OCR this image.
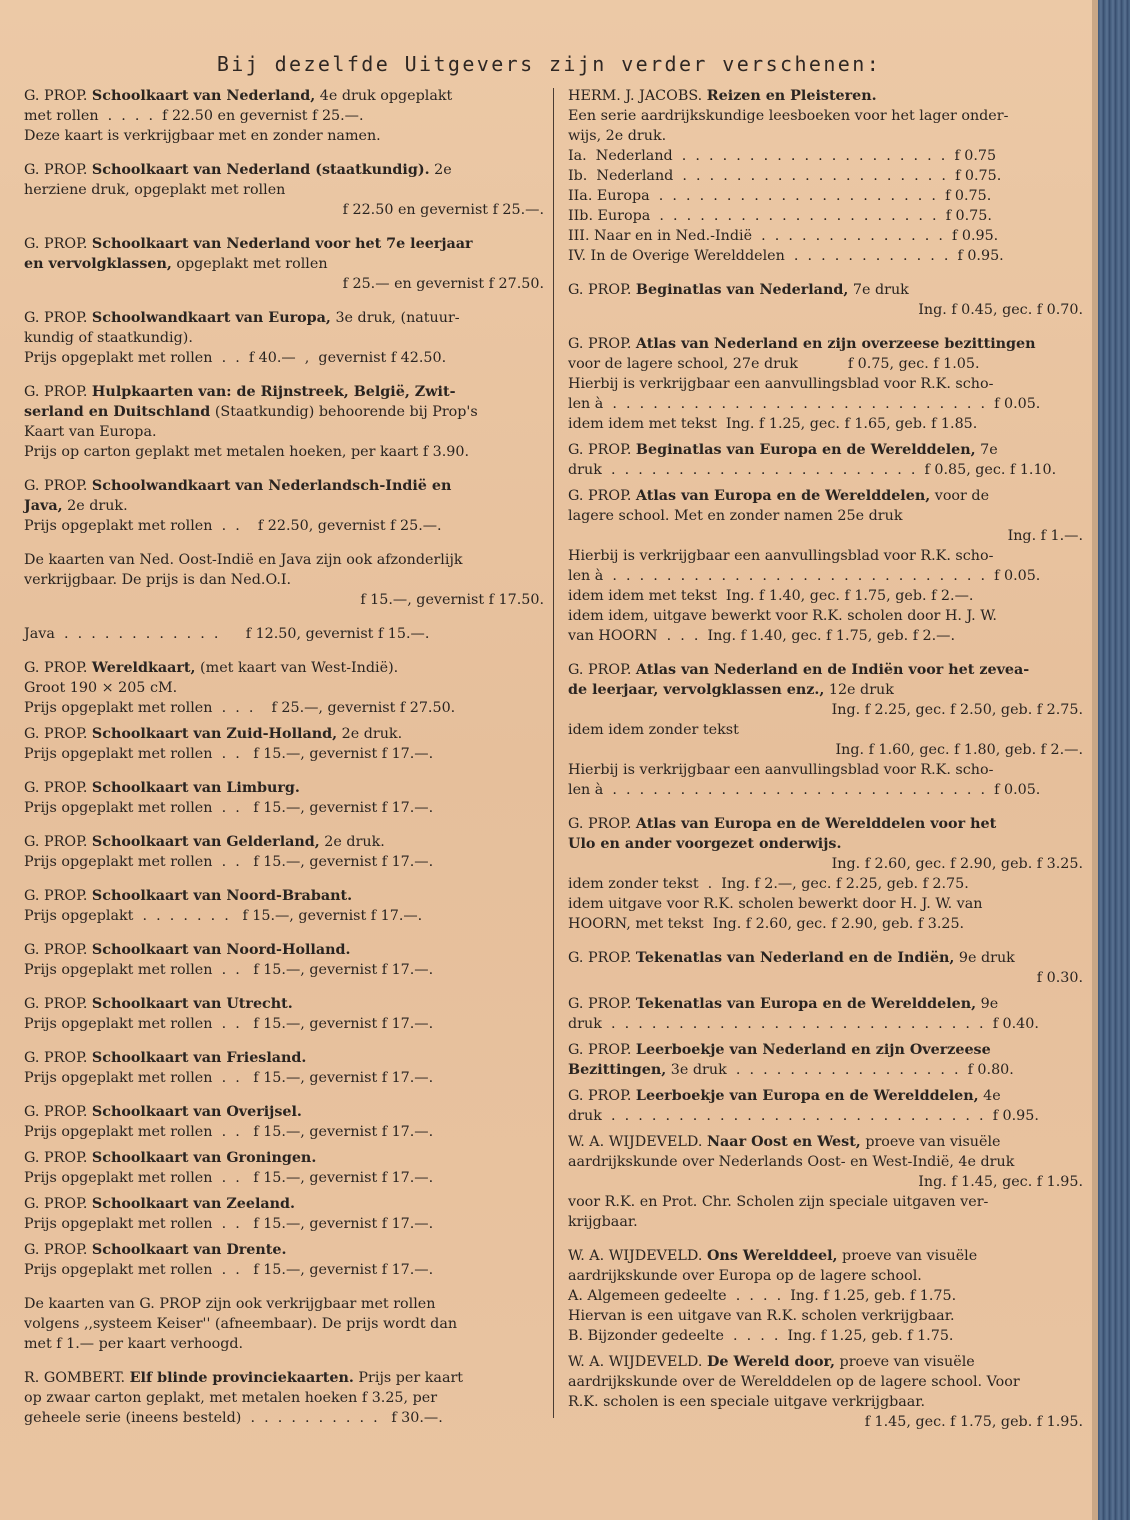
Bij dezelfde Uitgevers zijn verder verschenen:
G. PROP. Schoolkaart van Nederland, 4e druk opgeplakt
met rollen  .  .  .  .  f 22.50 en gevernist f 25.—.
Deze kaart is verkrijgbaar met en zonder namen.
G. PROP. Schoolkaart van Nederland (staatkundig). 2e
herziene druk, opgeplakt met rollen
f 22.50 en gevernist f 25.—.
G. PROP. Schoolkaart van Nederland voor het 7e leerjaar
en vervolgklassen, opgeplakt met rollen
f 25.— en gevernist f 27.50.
G. PROP. Schoolwandkaart van Europa, 3e druk, (natuur-
kundig of staatkundig).
Prijs opgeplakt met rollen  .  .  f 40.—  ,  gevernist f 42.50.
G. PROP. Hulpkaarten van: de Rijnstreek, België, Zwit-
serland en Duitschland (Staatkundig) behoorende bij Prop's
Kaart van Europa.
Prijs op carton geplakt met metalen hoeken, per kaart f 3.90.
G. PROP. Schoolwandkaart van Nederlandsch-Indië en
Java, 2e druk.
Prijs opgeplakt met rollen  .  .    f 22.50, gevernist f 25.—.
De kaarten van Ned. Oost-Indië en Java zijn ook afzonderlijk
verkrijgbaar. De prijs is dan Ned.O.I.
f 15.—, gevernist f 17.50.
Java  .  .  .  .  .  .  .  .  .  .  .  .      f 12.50, gevernist f 15.—.
G. PROP. Wereldkaart, (met kaart van West-Indië).
Groot 190 × 205 cM.
Prijs opgeplakt met rollen  .  .  .    f 25.—, gevernist f 27.50.
G. PROP. Schoolkaart van Zuid-Holland, 2e druk.
Prijs opgeplakt met rollen  .  .   f 15.—, gevernist f 17.—.
G. PROP. Schoolkaart van Limburg.
Prijs opgeplakt met rollen  .  .   f 15.—, gevernist f 17.—.
G. PROP. Schoolkaart van Gelderland, 2e druk.
Prijs opgeplakt met rollen  .  .   f 15.—, gevernist f 17.—.
G. PROP. Schoolkaart van Noord-Brabant.
Prijs opgeplakt  .  .  .  .  .  .  .   f 15.—, gevernist f 17.—.
G. PROP. Schoolkaart van Noord-Holland.
Prijs opgeplakt met rollen  .  .   f 15.—, gevernist f 17.—.
G. PROP. Schoolkaart van Utrecht.
Prijs opgeplakt met rollen  .  .   f 15.—, gevernist f 17.—.
G. PROP. Schoolkaart van Friesland.
Prijs opgeplakt met rollen  .  .   f 15.—, gevernist f 17.—.
G. PROP. Schoolkaart van Overijsel.
Prijs opgeplakt met rollen  .  .   f 15.—, gevernist f 17.—.
G. PROP. Schoolkaart van Groningen.
Prijs opgeplakt met rollen  .  .   f 15.—, gevernist f 17.—.
G. PROP. Schoolkaart van Zeeland.
Prijs opgeplakt met rollen  .  .   f 15.—, gevernist f 17.—.
G. PROP. Schoolkaart van Drente.
Prijs opgeplakt met rollen  .  .   f 15.—, gevernist f 17.—.
De kaarten van G. PROP zijn ook verkrijgbaar met rollen
volgens ,,systeem Keiser'' (afneembaar). De prijs wordt dan
met f 1.— per kaart verhoogd.
R. GOMBERT. Elf blinde provinciekaarten. Prijs per kaart
op zwaar carton geplakt, met metalen hoeken f 3.25, per
geheele serie (ineens besteld)  .  .  .  .  .  .  .  .  .  .   f 30.—.
HERM. J. JACOBS. Reizen en Pleisteren.
Een serie aardrijkskundige leesboeken voor het lager onder-
wijs, 2e druk.
Ia.  Nederland  .  .  .  .  .  .  .  .  .  .  .  .  .  .  .  .  .  .  .  .  f 0.75
Ib.  Nederland  .  .  .  .  .  .  .  .  .  .  .  .  .  .  .  .  .  .  .  .  f 0.75.
IIa. Europa  .  .  .  .  .  .  .  .  .  .  .  .  .  .  .  .  .  .  .  .  .  f 0.75.
IIb. Europa  .  .  .  .  .  .  .  .  .  .  .  .  .  .  .  .  .  .  .  .  .  f 0.75.
III. Naar en in Ned.-Indië  .  .  .  .  .  .  .  .  .  .  .  .  .  .  f 0.95.
IV. In de Overige Werelddelen  .  .  .  .  .  .  .  .  .  .  .  .  f 0.95.
G. PROP. Beginatlas van Nederland, 7e druk
Ing. f 0.45, gec. f 0.70.
G. PROP. Atlas van Nederland en zijn overzeese bezittingen
voor de lagere school, 27e druk           f 0.75, gec. f 1.05.
Hierbij is verkrijgbaar een aanvullingsblad voor R.K. scho-
len à  .  .  .  .  .  .  .  .  .  .  .  .  .  .  .  .  .  .  .  .  .  .  .  .  .  .  .  .  f 0.05.
idem idem met tekst  Ing. f 1.25, gec. f 1.65, geb. f 1.85.
G. PROP. Beginatlas van Europa en de Werelddelen, 7e
druk  .  .  .  .  .  .  .  .  .  .  .  .  .  .  .  .  .  .  .  .  .  .  .  f 0.85, gec. f 1.10.
G. PROP. Atlas van Europa en de Werelddelen, voor de
lagere school. Met en zonder namen 25e druk
Ing. f 1.—.
Hierbij is verkrijgbaar een aanvullingsblad voor R.K. scho-
len à  .  .  .  .  .  .  .  .  .  .  .  .  .  .  .  .  .  .  .  .  .  .  .  .  .  .  .  .  f 0.05.
idem idem met tekst  Ing. f 1.40, gec. f 1.75, geb. f 2.—.
idem idem, uitgave bewerkt voor R.K. scholen door H. J. W.
van HOORN  .  .  .  Ing. f 1.40, gec. f 1.75, geb. f 2.—.
G. PROP. Atlas van Nederland en de Indiën voor het zevea-
de leerjaar, vervolgklassen enz., 12e druk
Ing. f 2.25, gec. f 2.50, geb. f 2.75.
idem idem zonder tekst
Ing. f 1.60, gec. f 1.80, geb. f 2.—.
Hierbij is verkrijgbaar een aanvullingsblad voor R.K. scho-
len à  .  .  .  .  .  .  .  .  .  .  .  .  .  .  .  .  .  .  .  .  .  .  .  .  .  .  .  .  f 0.05.
G. PROP. Atlas van Europa en de Werelddelen voor het
Ulo en ander voorgezet onderwijs.
Ing. f 2.60, gec. f 2.90, geb. f 3.25.
idem zonder tekst  .  Ing. f 2.—, gec. f 2.25, geb. f 2.75.
idem uitgave voor R.K. scholen bewerkt door H. J. W. van
HOORN, met tekst  Ing. f 2.60, gec. f 2.90, geb. f 3.25.
G. PROP. Tekenatlas van Nederland en de Indiën, 9e druk
f 0.30.
G. PROP. Tekenatlas van Europa en de Werelddelen, 9e
druk  .  .  .  .  .  .  .  .  .  .  .  .  .  .  .  .  .  .  .  .  .  .  .  .  .  .  .  .  f 0.40.
G. PROP. Leerboekje van Nederland en zijn Overzeese
Bezittingen, 3e druk  .  .  .  .  .  .  .  .  .  .  .  .  .  .  .  .  .  f 0.80.
G. PROP. Leerboekje van Europa en de Werelddelen, 4e
druk  .  .  .  .  .  .  .  .  .  .  .  .  .  .  .  .  .  .  .  .  .  .  .  .  .  .  .  .  f 0.95.
W. A. WIJDEVELD. Naar Oost en West, proeve van visuële
aardrijkskunde over Nederlands Oost- en West-Indië, 4e druk
Ing. f 1.45, gec. f 1.95.
voor R.K. en Prot. Chr. Scholen zijn speciale uitgaven ver-
krijgbaar.
W. A. WIJDEVELD. Ons Werelddeel, proeve van visuële
aardrijkskunde over Europa op de lagere school.
A. Algemeen gedeelte  .  .  .  .  Ing. f 1.25, geb. f 1.75.
Hiervan is een uitgave van R.K. scholen verkrijgbaar.
B. Bijzonder gedeelte  .  .  .  .  Ing. f 1.25, geb. f 1.75.
W. A. WIJDEVELD. De Wereld door, proeve van visuële
aardrijkskunde over de Werelddelen op de lagere school. Voor
R.K. scholen is een speciale uitgave verkrijgbaar.
f 1.45, gec. f 1.75, geb. f 1.95.
